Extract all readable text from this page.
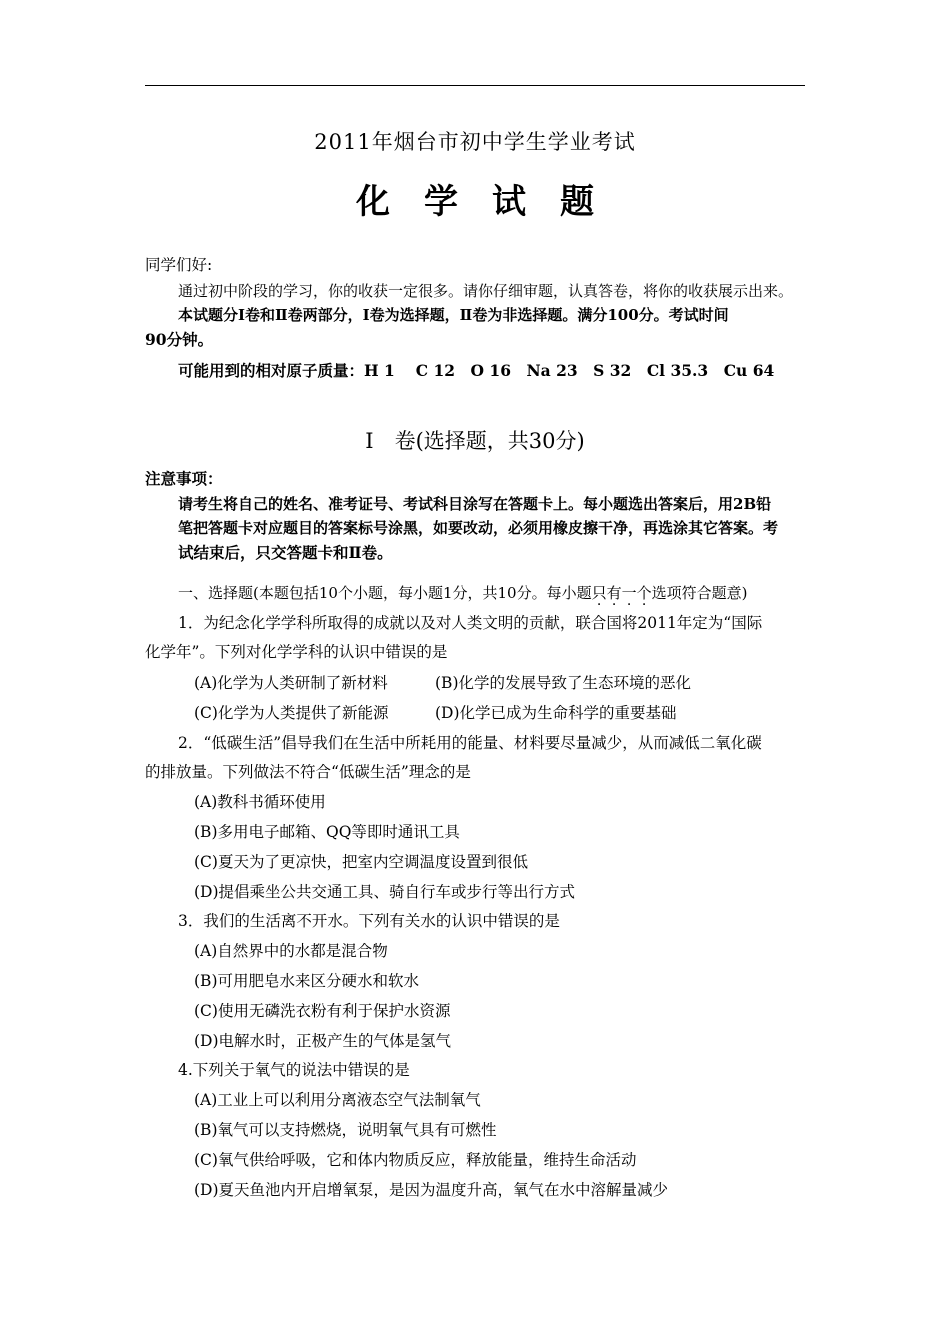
2011年烟台市初中学生学业考试
化　学　试　题
同学们好:
通过初中阶段的学习，你的收获一定很多。请你仔细审题，认真答卷，将你的收获展示出来。
本试题分Ⅰ卷和Ⅱ卷两部分，Ⅰ卷为选择题，Ⅱ卷为非选择题。满分100分。考试时间
90分钟。
可能用到的相对原子质量：H 1　 C 12　O 16　Na 23　S 32　Cl 35.3　Cu 64
Ⅰ　卷(选择题，共30分)
注意事项：
请考生将自己的姓名、准考证号、考试科目涂写在答题卡上。每小题选出答案后，用2B铅
笔把答题卡对应题目的答案标号涂黑，如要改动，必须用橡皮擦干净，再选涂其它答案。考
试结束后，只交答题卡和Ⅱ卷。
一、选择题(本题包括10个小题，每小题1分，共10分。每小题只有一个选项符合题意)
1．为纪念化学学科所取得的成就以及对人类文明的贡献，联合国将2011年定为“国际
化学年”。下列对化学学科的认识中错误的是
(A)化学为人类研制了新材料	(B)化学的发展导致了生态环境的恶化
(C)化学为人类提供了新能源	(D)化学已成为生命科学的重要基础
2．“低碳生活”倡导我们在生活中所耗用的能量、材料要尽量减少，从而减低二氧化碳
的排放量。下列做法不符合“低碳生活”理念的是
(A)教科书循环使用
(B)多用电子邮箱、QQ等即时通讯工具
(C)夏天为了更凉快，把室内空调温度设置到很低
(D)提倡乘坐公共交通工具、骑自行车或步行等出行方式
3．我们的生活离不开水。下列有关水的认识中错误的是
(A)自然界中的水都是混合物
(B)可用肥皂水来区分硬水和软水
(C)使用无磷洗衣粉有利于保护水资源
(D)电解水时，正极产生的气体是氢气
4.下列关于氧气的说法中错误的是
(A)工业上可以利用分离液态空气法制氧气
(B)氧气可以支持燃烧，说明氧气具有可燃性
(C)氧气供给呼吸，它和体内物质反应，释放能量，维持生命活动
(D)夏天鱼池内开启增氧泵，是因为温度升高，氧气在水中溶解量减少
